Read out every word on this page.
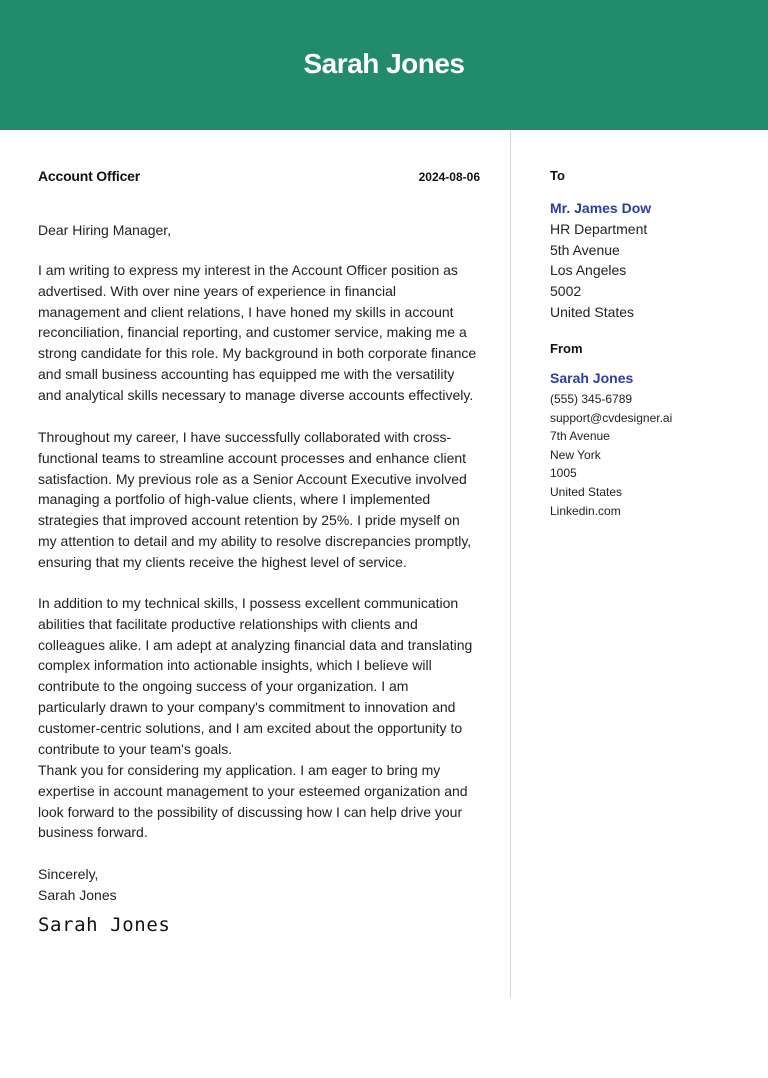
Sarah Jones
Account Officer	2024-08-06

Dear Hiring Manager,

I am writing to express my interest in the Account Officer position as advertised. With over nine years of experience in financial management and client relations, I have honed my skills in account reconciliation, financial reporting, and customer service, making me a strong candidate for this role. My background in both corporate finance and small business accounting has equipped me with the versatility and analytical skills necessary to manage diverse accounts effectively.

Throughout my career, I have successfully collaborated with cross-functional teams to streamline account processes and enhance client satisfaction. My previous role as a Senior Account Executive involved managing a portfolio of high-value clients, where I implemented strategies that improved account retention by 25%. I pride myself on my attention to detail and my ability to resolve discrepancies promptly, ensuring that my clients receive the highest level of service.

In addition to my technical skills, I possess excellent communication abilities that facilitate productive relationships with clients and colleagues alike. I am adept at analyzing financial data and translating complex information into actionable insights, which I believe will contribute to the ongoing success of your organization. I am particularly drawn to your company's commitment to innovation and customer-centric solutions, and I am excited about the opportunity to contribute to your team's goals.

Thank you for considering my application. I am eager to bring my expertise in account management to your esteemed organization and look forward to the possibility of discussing how I can help drive your business forward.

Sincerely,
Sarah Jones
Sarah Jones
To
Mr. James Dow
HR Department
5th Avenue
Los Angeles
5002
United States
From
Sarah Jones
(555) 345-6789
support@cvdesigner.ai
7th Avenue
New York
1005
United States
Linkedin.com
